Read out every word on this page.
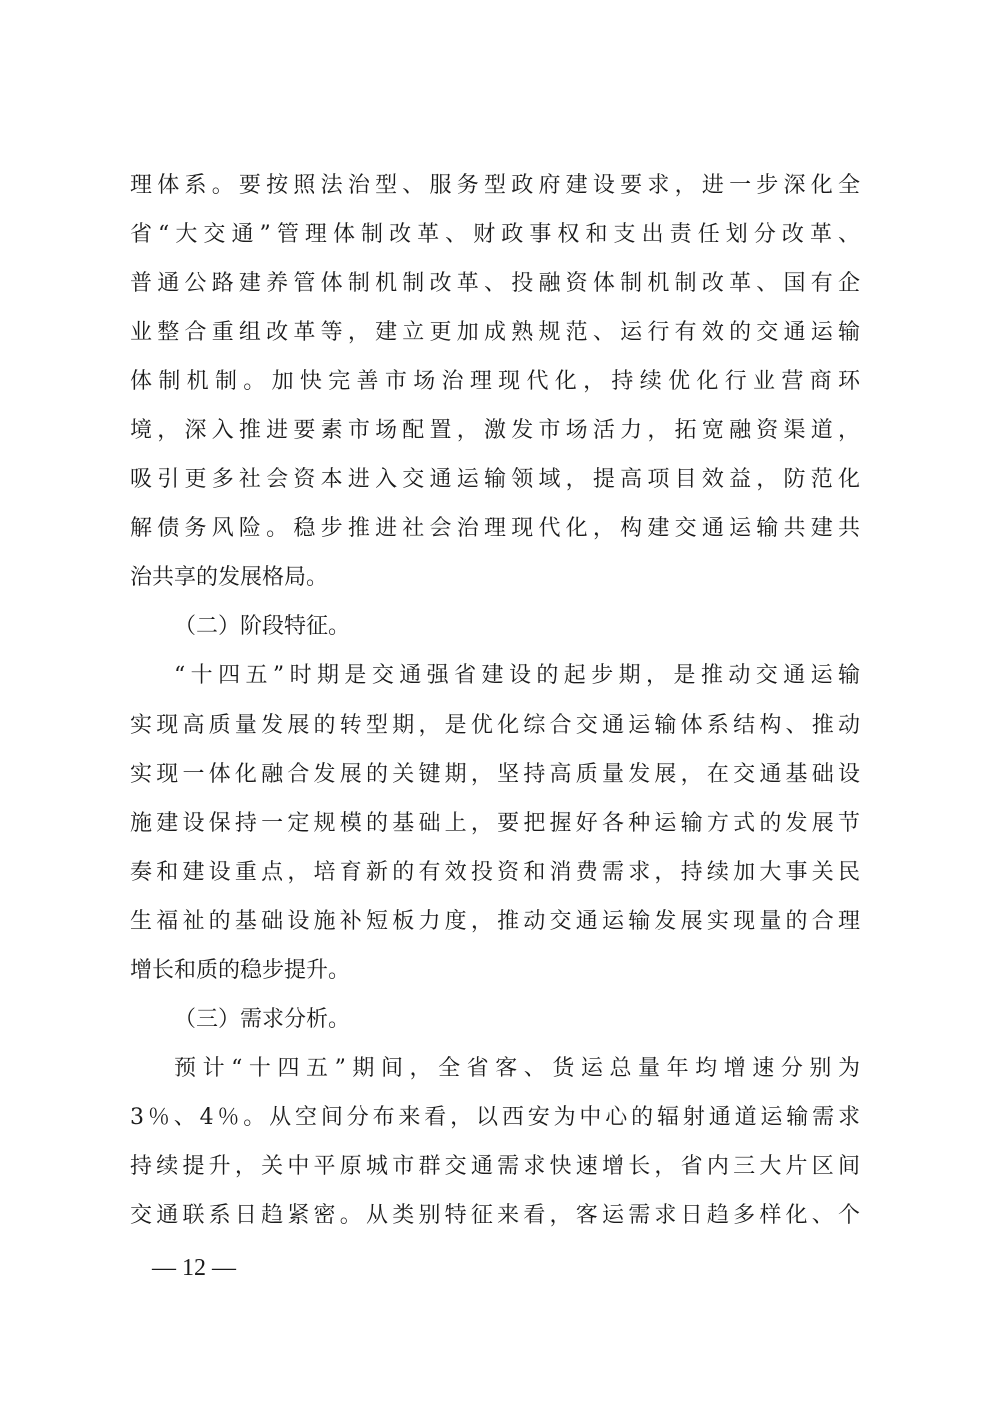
理体系。要按照法治型、服务型政府建设要求，进一步深化全
省“大交通”管理体制改革、财政事权和支出责任划分改革、
普通公路建养管体制机制改革、投融资体制机制改革、国有企
业整合重组改革等，建立更加成熟规范、运行有效的交通运输
体制机制。加快完善市场治理现代化，持续优化行业营商环
境，深入推进要素市场配置，激发市场活力，拓宽融资渠道，
吸引更多社会资本进入交通运输领域，提高项目效益，防范化
解债务风险。稳步推进社会治理现代化，构建交通运输共建共
治共享的发展格局。
（二）阶段特征。
“十四五”时期是交通强省建设的起步期，是推动交通运输
实现高质量发展的转型期，是优化综合交通运输体系结构、推动
实现一体化融合发展的关键期，坚持高质量发展，在交通基础设
施建设保持一定规模的基础上，要把握好各种运输方式的发展节
奏和建设重点，培育新的有效投资和消费需求，持续加大事关民
生福祉的基础设施补短板力度，推动交通运输发展实现量的合理
增长和质的稳步提升。
（三）需求分析。
预计“十四五”期间，全省客、货运总量年均增速分别为
3％、4％。从空间分布来看，以西安为中心的辐射通道运输需求
持续提升，关中平原城市群交通需求快速增长，省内三大片区间
交通联系日趋紧密。从类别特征来看，客运需求日趋多样化、个
— 12 —
